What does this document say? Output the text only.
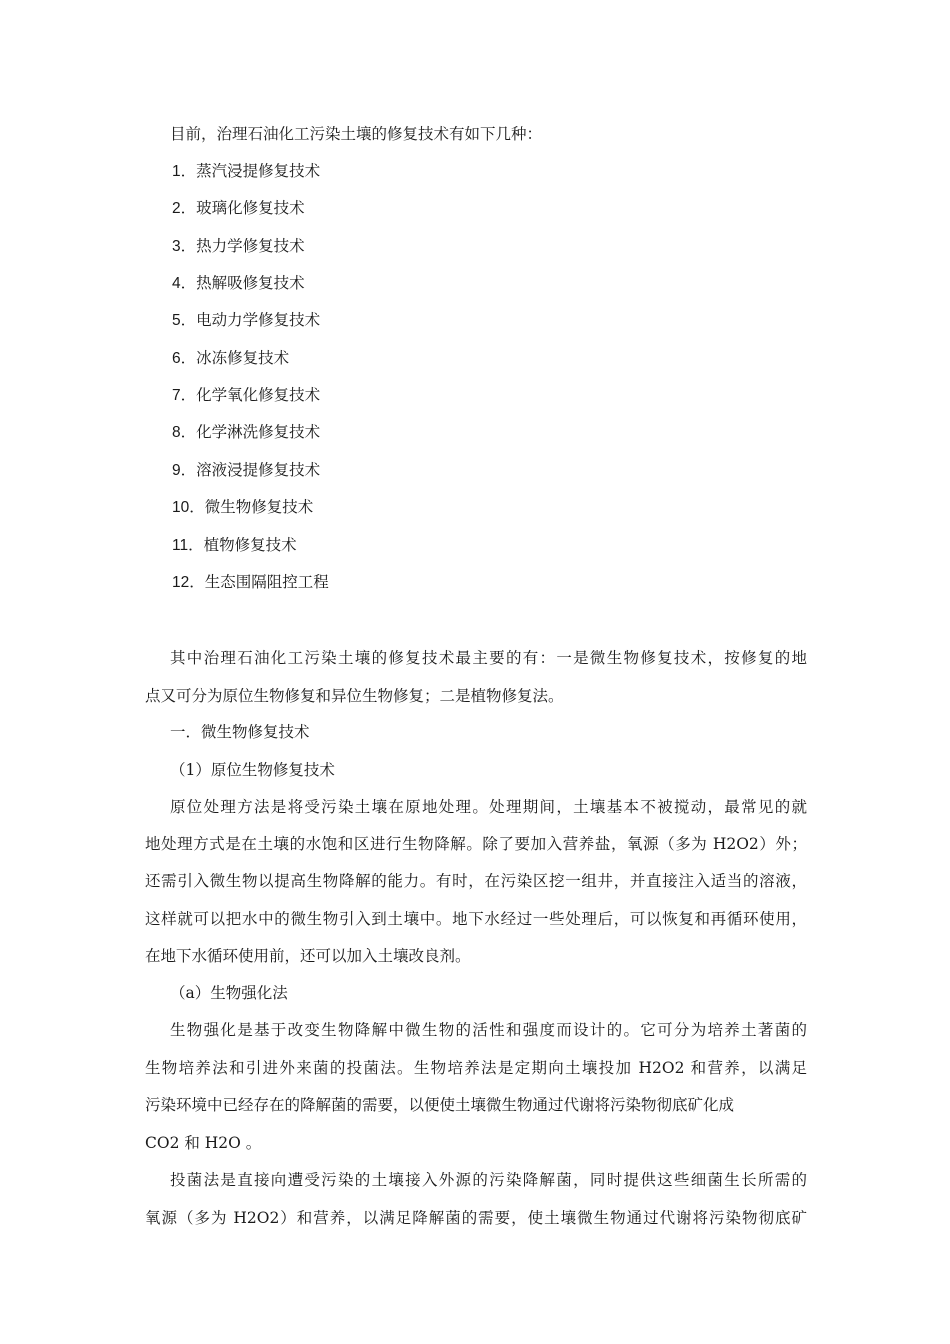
目前，治理石油化工污染土壤的修复技术有如下几种：
1．蒸汽浸提修复技术
2．玻璃化修复技术
3．热力学修复技术
4．热解吸修复技术
5．电动力学修复技术
6．冰冻修复技术
7．化学氧化修复技术
8．化学淋洗修复技术
9．溶液浸提修复技术
10．微生物修复技术
11．植物修复技术
12．生态围隔阻控工程
其中治理石油化工污染土壤的修复技术最主要的有：一是微生物修复技术，按修复的地
点又可分为原位生物修复和异位生物修复；二是植物修复法。
一．微生物修复技术
（1）原位生物修复技术
原位处理方法是将受污染土壤在原地处理。处理期间，土壤基本不被搅动，最常见的就
地处理方式是在土壤的水饱和区进行生物降解。除了要加入营养盐，氧源（多为 H2O2）外；
还需引入微生物以提高生物降解的能力。有时，在污染区挖一组井，并直接注入适当的溶液，
这样就可以把水中的微生物引入到土壤中。地下水经过一些处理后，可以恢复和再循环使用，
在地下水循环使用前，还可以加入土壤改良剂。
（a）生物强化法
生物强化是基于改变生物降解中微生物的活性和强度而设计的。它可分为培养土著菌的
生物培养法和引进外来菌的投菌法。生物培养法是定期向土壤投加 H2O2 和营养，以满足
污染环境中已经存在的降解菌的需要，以便使土壤微生物通过代谢将污染物彻底矿化成
CO2 和 H2O 。
投菌法是直接向遭受污染的土壤接入外源的污染降解菌，同时提供这些细菌生长所需的
氧源（多为 H2O2）和营养，以满足降解菌的需要，使土壤微生物通过代谢将污染物彻底矿
